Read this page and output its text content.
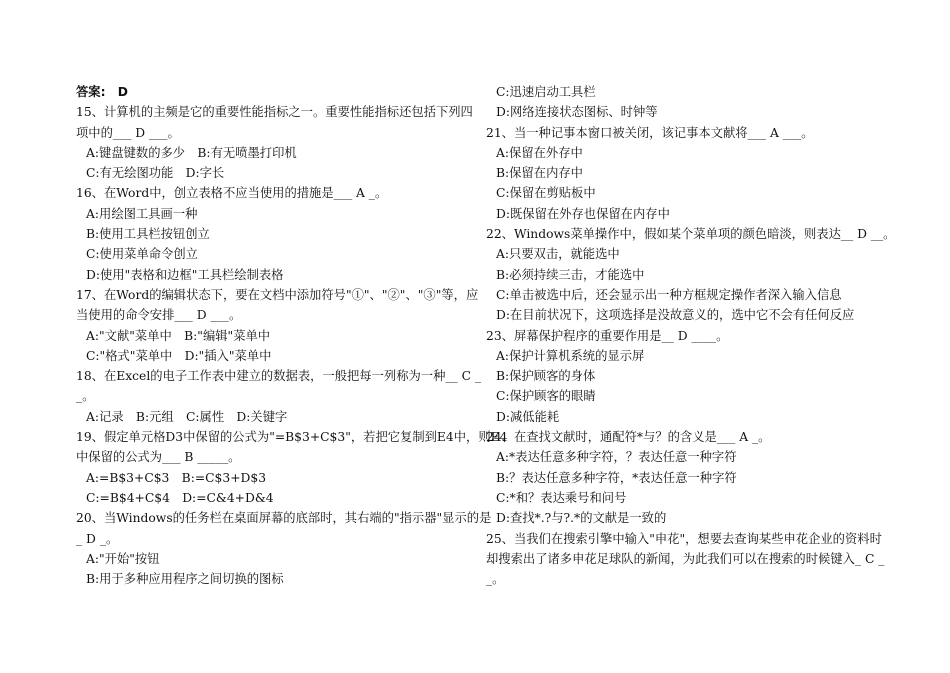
答案:　D
15、计算机的主频是它的重要性能指标之一。重要性能指标还包括下列四
项中的___ D ___。
A:键盘键数的多少　B:有无喷墨打印机
C:有无绘图功能　D:字长
16、在Word中，创立表格不应当使用的措施是___ A _。
A:用绘图工具画一种
B:使用工具栏按钮创立
C:使用菜单命令创立
D:使用"表格和边框"工具栏绘制表格
17、在Word的编辑状态下，要在文档中添加符号"①"、"②"、"③"等，应
当使用的命令安排___ D ___。
A:"文献"菜单中　B:"编辑"菜单中
C:"格式"菜单中　D:"插入"菜单中
18、在Excel的电子工作表中建立的数据表，一般把每一列称为一种__ C _
_。
A:记录　B:元组　C:属性　D:关键字
19、假定单元格D3中保留的公式为"=B$3+C$3"，若把它复制到E4中，则E4
中保留的公式为___ B _____。
A:=B$3+C$3　B:=C$3+D$3
C:=B$4+C$4　D:=C&4+D&4
20、当Windows的任务栏在桌面屏幕的底部时，其右端的"指示器"显示的是
_ D _。
A:"开始"按钮
B:用于多种应用程序之间切换的图标
C:迅速启动工具栏
D:网络连接状态图标、时钟等
21、当一种记事本窗口被关闭，该记事本文献将___ A ___。
A:保留在外存中
B:保留在内存中
C:保留在剪贴板中
D:既保留在外存也保留在内存中
22、Windows菜单操作中，假如某个菜单项的颜色暗淡，则表达__ D __。
A:只要双击，就能选中
B:必须持续三击，才能选中
C:单击被选中后，还会显示出一种方框规定操作者深入输入信息
D:在目前状况下，这项选择是没故意义的，选中它不会有任何反应
23、屏幕保护程序的重要作用是__ D ____。
A:保护计算机系统的显示屏
B:保护顾客的身体
C:保护顾客的眼睛
D:减低能耗
24、在查找文献时，通配符*与？的含义是___ A _。
A:*表达任意多种字符，？表达任意一种字符
B:？表达任意多种字符，*表达任意一种字符
C:*和？表达乘号和问号
D:查找*.?与?.*的文献是一致的
25、当我们在搜索引擎中输入"申花"，想要去查询某些申花企业的资料时
却搜索出了诸多申花足球队的新闻，为此我们可以在搜索的时候键入_ C _
_。
